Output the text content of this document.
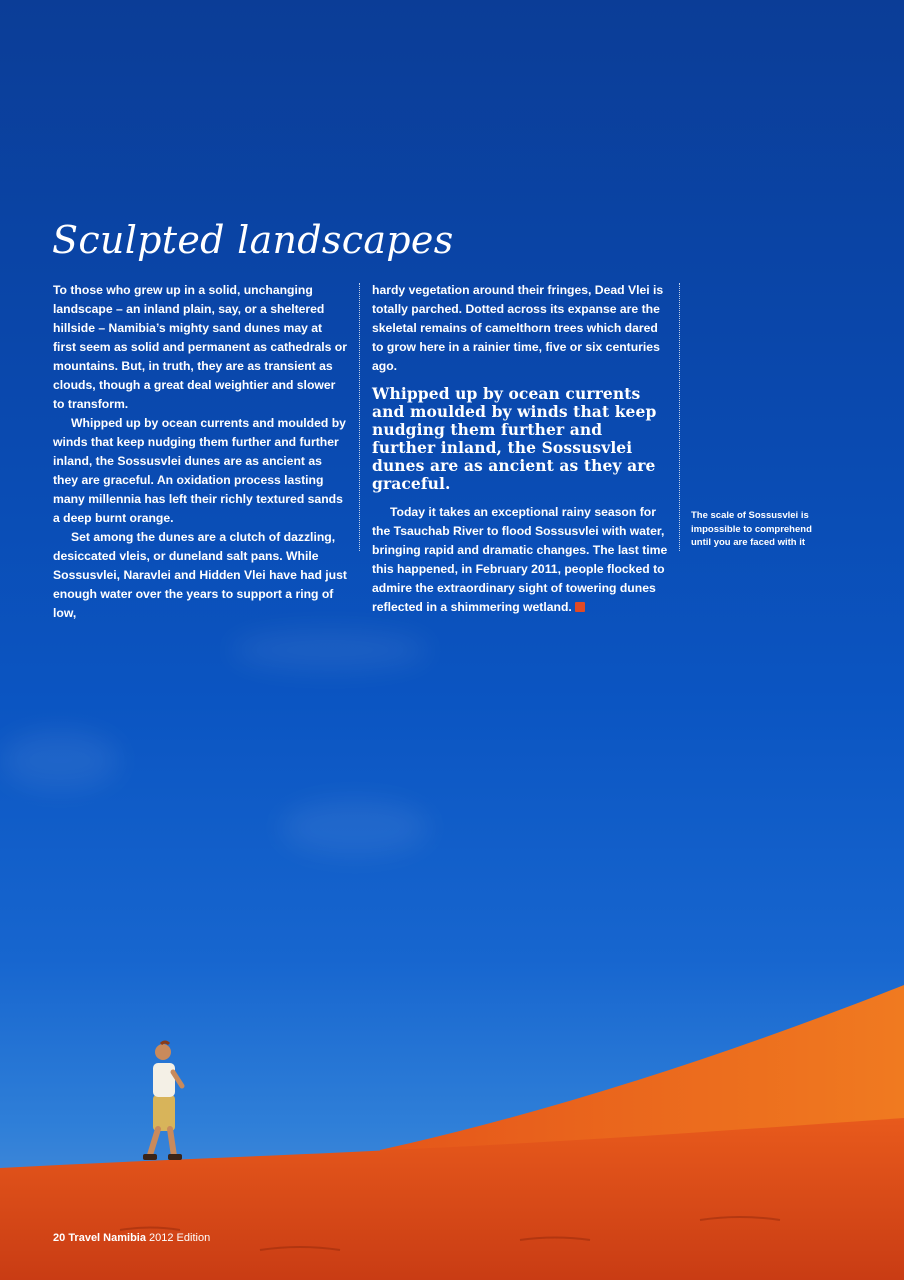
Sculpted landscapes

To those who grew up in a solid, unchanging landscape – an inland plain, say, or a sheltered hillside – Namibia’s mighty sand dunes may at first seem as solid and permanent as cathedrals or mountains. But, in truth, they are as transient as clouds, though a great deal weightier and slower to transform.

Whipped up by ocean currents and moulded by winds that keep nudging them further and further inland, the Sossusvlei dunes are as ancient as they are graceful. An oxidation process lasting many millennia has left their richly textured sands a deep burnt orange.

Set among the dunes are a clutch of dazzling, desiccated vleis, or duneland salt pans. While Sossusvlei, Naravlei and Hidden Vlei have had just enough water over the years to support a ring of low,

hardy vegetation around their fringes, Dead Vlei is totally parched. Dotted across its expanse are the skeletal remains of camelthorn trees which dared to grow here in a rainier time, five or six centuries ago.

Whipped up by ocean currents and moulded by winds that keep nudging them further and further inland, the Sossusvlei dunes are as ancient as they are graceful.

Today it takes an exceptional rainy season for the Tsauchab River to flood Sossusvlei with water, bringing rapid and dramatic changes. The last time this happened, in February 2011, people flocked to admire the extraordinary sight of towering dunes reflected in a shimmering wetland.

The scale of Sossusvlei is impossible to comprehend until you are faced with it

20 Travel Namibia 2012 Edition
